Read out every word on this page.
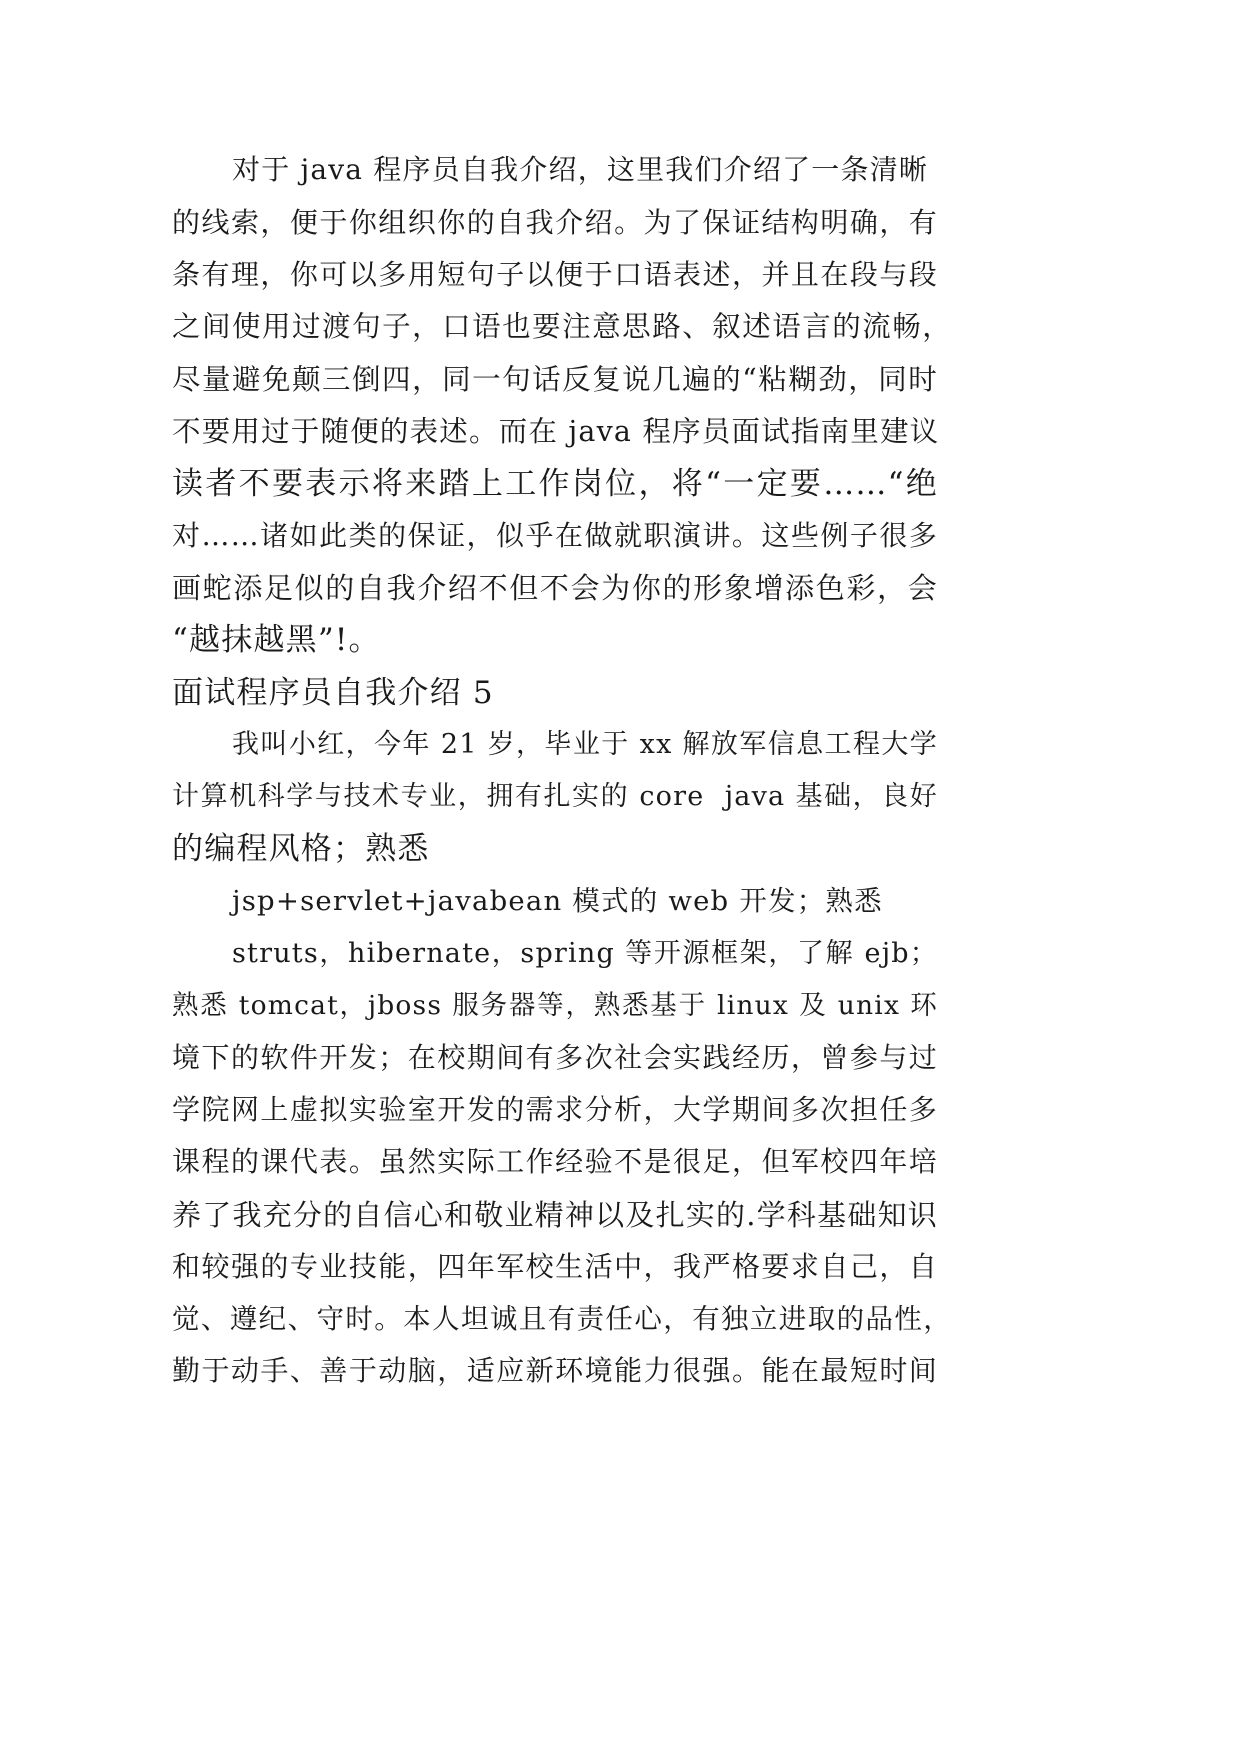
对于 java 程序员自我介绍，这里我们介绍了一条清晰
的线索，便于你组织你的自我介绍。为了保证结构明确，有
条有理，你可以多用短句子以便于口语表述，并且在段与段
之间使用过渡句子，口语也要注意思路、叙述语言的流畅，
尽量避免颠三倒四，同一句话反复说几遍的“粘糊劲，同时
不要用过于随便的表述。而在 java 程序员面试指南里建议
读者不要表示将来踏上工作岗位，将“一定要……“绝
对……诸如此类的保证，似乎在做就职演讲。这些例子很多
画蛇添足似的自我介绍不但不会为你的形象增添色彩，会
“越抹越黑”!。
面试程序员自我介绍 5
我叫小红，今年 21 岁，毕业于 xx 解放军信息工程大学
计算机科学与技术专业，拥有扎实的 core  java 基础，良好
的编程风格；熟悉
jsp+servlet+javabean 模式的 web 开发；熟悉
struts，hibernate，spring 等开源框架，了解 ejb；
熟悉 tomcat，jboss 服务器等，熟悉基于 linux 及 unix 环
境下的软件开发；在校期间有多次社会实践经历，曾参与过
学院网上虚拟实验室开发的需求分析，大学期间多次担任多
课程的课代表。虽然实际工作经验不是很足，但军校四年培
养了我充分的自信心和敬业精神以及扎实的.学科基础知识
和较强的专业技能，四年军校生活中，我严格要求自己，自
觉、遵纪、守时。本人坦诚且有责任心，有独立进取的品性，
勤于动手、善于动脑，适应新环境能力很强。能在最短时间
